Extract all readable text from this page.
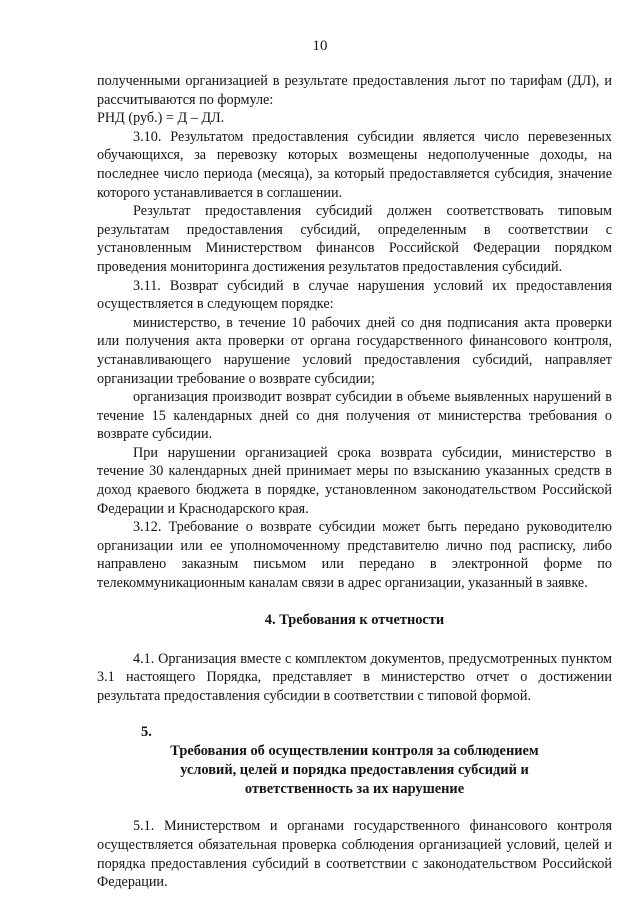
10

полученными организацией в результате предоставления льгот по тарифам (ДЛ), и рассчитываются по формуле:

РНД (руб.) = Д – ДЛ.

3.10. Результатом предоставления субсидии является число перевезенных обучающихся, за перевозку которых возмещены недополученные доходы, на последнее число периода (месяца), за который предоставляется субсидия, значение которого устанавливается в соглашении.

Результат предоставления субсидий должен соответствовать типовым результатам предоставления субсидий, определенным в соответствии с установленным Министерством финансов Российской Федерации порядком проведения мониторинга достижения результатов предоставления субсидий.

3.11. Возврат субсидий в случае нарушения условий их предоставления осуществляется в следующем порядке:

министерство, в течение 10 рабочих дней со дня подписания акта проверки или получения акта проверки от органа государственного финансового контроля, устанавливающего нарушение условий предоставления субсидий, направляет организации требование о возврате субсидии;

организация производит возврат субсидии в объеме выявленных нарушений в течение 15 календарных дней со дня получения от министерства требования о возврате субсидии.

При нарушении организацией срока возврата субсидии, министерство в течение 30 календарных дней принимает меры по взысканию указанных средств в доход краевого бюджета в порядке, установленном законодательством Российской Федерации и Краснодарского края.

3.12. Требование о возврате субсидии может быть передано руководителю организации или ее уполномоченному представителю лично под расписку, либо направлено заказным письмом или передано в электронной форме по телекоммуникационным каналам связи в адрес организации, указанный в заявке.

4. Требования к отчетности

4.1. Организация вместе с комплектом документов, предусмотренных пунктом 3.1 настоящего Порядка, представляет в министерство отчет о достижении результата предоставления субсидии в соответствии с типовой формой.

5.
Требования об осуществлении контроля за соблюдением
условий, целей и порядка предоставления субсидий и
ответственность за их нарушение

5.1. Министерством и органами государственного финансового контроля осуществляется обязательная проверка соблюдения организацией условий, целей и порядка предоставления субсидий в соответствии с законодательством Российской Федерации.
